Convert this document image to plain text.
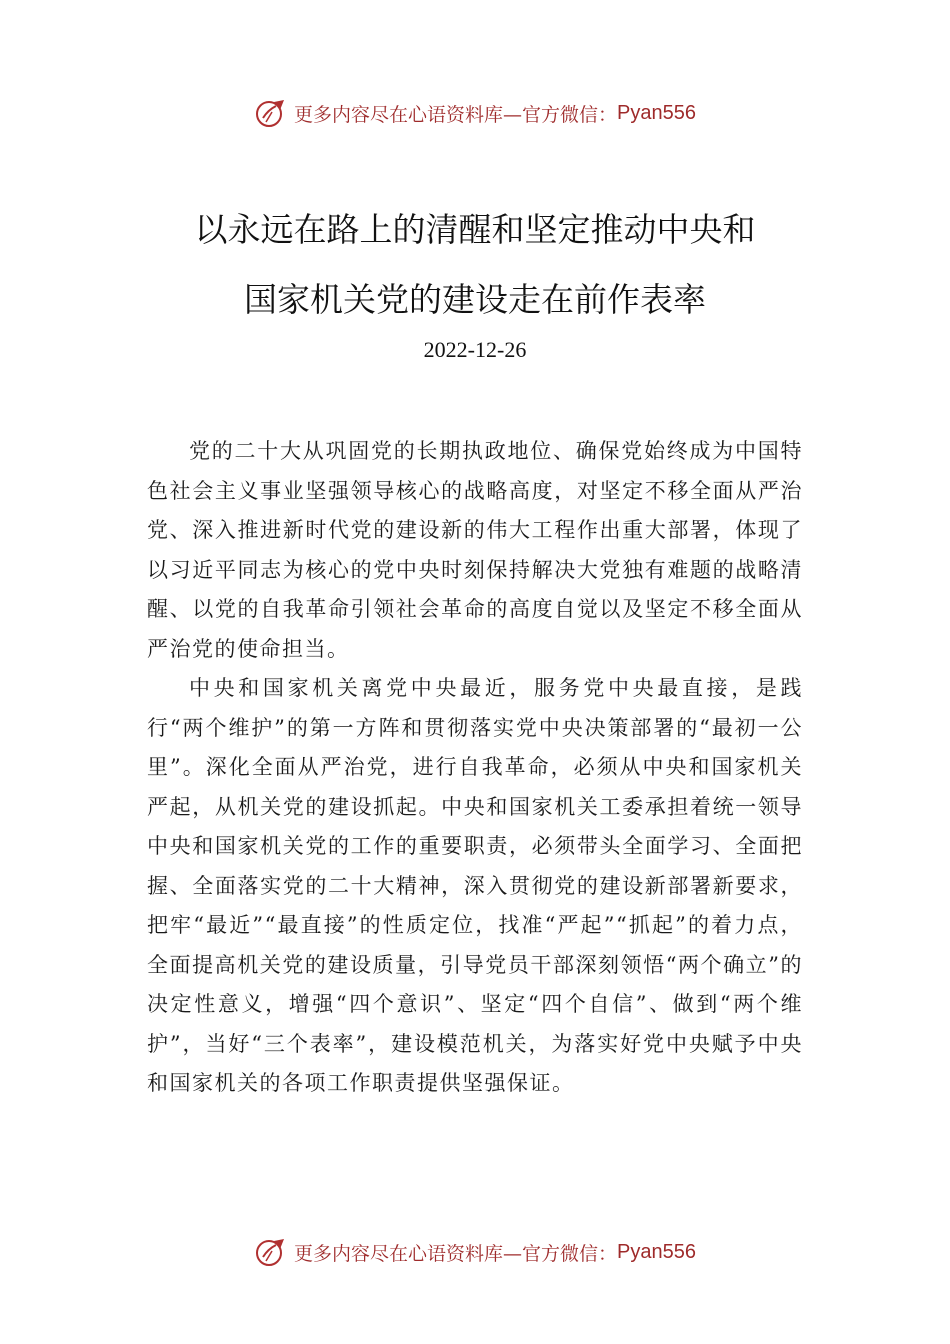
更多内容尽在心语资料库—官方微信： Pyan556
以永远在路上的清醒和坚定推动中央和
国家机关党的建设走在前作表率
2022-12-26

党的二十大从巩固党的长期执政地位、确保党始终成为中国特色社会主义事业坚强领导核心的战略高度，对坚定不移全面从严治党、深入推进新时代党的建设新的伟大工程作出重大部署，体现了以习近平同志为核心的党中央时刻保持解决大党独有难题的战略清醒、以党的自我革命引领社会革命的高度自觉以及坚定不移全面从严治党的使命担当。

中央和国家机关离党中央最近，服务党中央最直接，是践行“两个维护”的第一方阵和贯彻落实党中央决策部署的“最初一公里”。深化全面从严治党，进行自我革命，必须从中央和国家机关严起，从机关党的建设抓起。中央和国家机关工委承担着统一领导中央和国家机关党的工作的重要职责，必须带头全面学习、全面把握、全面落实党的二十大精神，深入贯彻党的建设新部署新要求，把牢“最近”“最直接”的性质定位，找准“严起”“抓起”的着力点，全面提高机关党的建设质量，引导党员干部深刻领悟“两个确立”的决定性意义，增强“四个意识”、坚定“四个自信”、做到“两个维护”，当好“三个表率”，建设模范机关，为落实好党中央赋予中央和国家机关的各项工作职责提供坚强保证。

更多内容尽在心语资料库—官方微信： Pyan556
